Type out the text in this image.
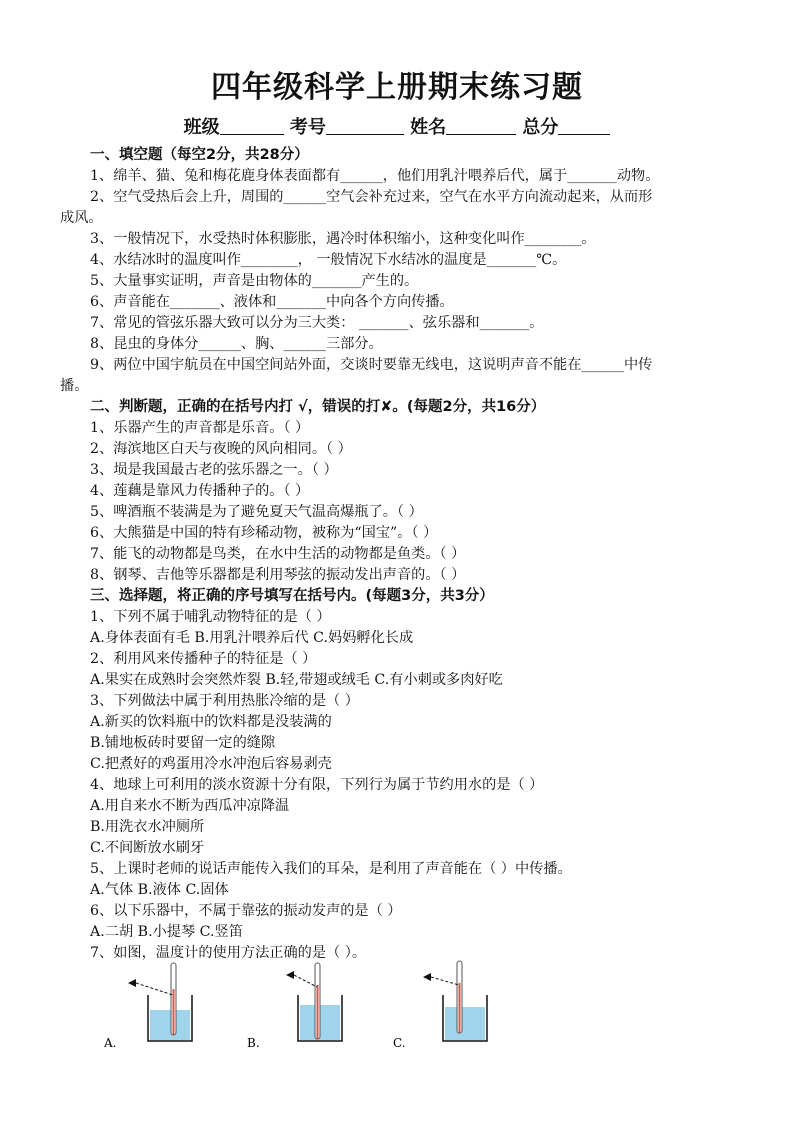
四年级科学上册期末练习题
班级	考号	姓名	总分
一、填空题（每空2分，共28分）
1、绵羊、猫、兔和梅花鹿身体表面都有______，他们用乳汁喂养后代，属于_______动物。
2、空气受热后会上升，周围的______空气会补充过来，空气在水平方向流动起来，从而形
成风。
3、一般情况下，水受热时体积膨胀，遇冷时体积缩小，这种变化叫作________。
4、水结冰时的温度叫作________， 一般情况下水结冰的温度是_______℃。
5、大量事实证明，声音是由物体的_______产生的。
6、声音能在_______、液体和_______中向各个方向传播。
7、常见的管弦乐器大致可以分为三大类： _______、弦乐器和_______。
8、昆虫的身体分______、胸、______三部分。
9、两位中国宇航员在中国空间站外面，交谈时要靠无线电，这说明声音不能在______中传
播。
二、判断题，正确的在括号内打 √，错误的打✘。(每题2分，共16分）
1、乐器产生的声音都是乐音。（ ）
2、海滨地区白天与夜晚的风向相同。（ ）
3、埙是我国最古老的弦乐器之一。（ ）
4、莲藕是靠风力传播种子的。（ ）
5、啤酒瓶不装满是为了避免夏天气温高爆瓶了。（ ）
6、大熊猫是中国的特有珍稀动物，被称为“国宝”。（ ）
7、能飞的动物都是鸟类，在水中生活的动物都是鱼类。（ ）
8、钢琴、吉他等乐器都是利用琴弦的振动发出声音的。（ ）
三、选择题，将正确的序号填写在括号内。(每题3分，共3分）
1、下列不属于哺乳动物特征的是（ ）
A.身体表面有毛 B.用乳汁喂养后代 C.妈妈孵化长成
2、利用风来传播种子的特征是（ ）
A.果实在成熟时会突然炸裂 B.轻,带翅或绒毛 C.有小刺或多肉好吃
3、下列做法中属于利用热胀冷缩的是（ ）
A.新买的饮料瓶中的饮料都是没装满的
B.铺地板砖时要留一定的缝隙
C.把煮好的鸡蛋用冷水冲泡后容易剥壳
4、地球上可利用的淡水资源十分有限，下列行为属于节约用水的是（ ）
A.用自来水不断为西瓜冲凉降温
B.用洗衣水冲厕所
C.不间断放水刷牙
5、上课时老师的说话声能传入我们的耳朵，是利用了声音能在（ ）中传播。
A.气体 B.液体 C.固体
6、以下乐器中，不属于靠弦的振动发声的是（ ）
A.二胡 B.小提琴 C.竖笛
7、如图，温度计的使用方法正确的是（ ）。
A.	B.	C.
